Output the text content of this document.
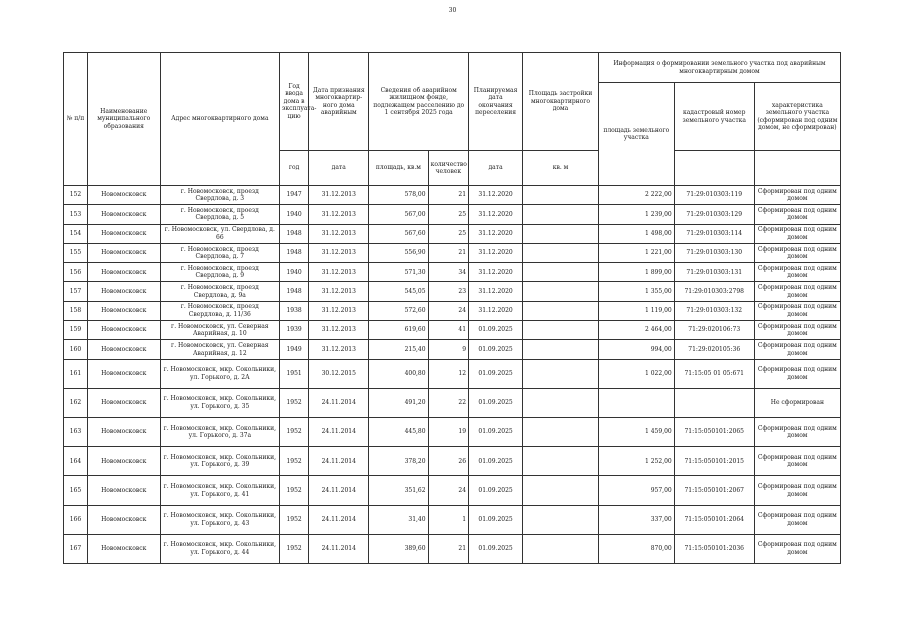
30
№ п/п	Наименование муниципального образования	Адрес многоквартирного дома	Год ввода дома в эксплуата-цию	Дата признания многоквартир-ного дома аварийным	Сведения об аварийном жилищном фонде, подлежащем расселению до 1 сентября 2025 года		Планируемая дата окончания переселения	Площадь застройки многоквартирного дома	Информация о формировании земельного участка под аварийным многоквартирным домом		
									площадь земельного участка	кадастровый номер земельного участка	характеристика земельного участка (сформирован под одним домом, не сформирован)
			год	дата	площадь, кв.м	количество человек	дата	кв. м			
152	Новомосковск	г. Новомосковск, проезд Свердлова, д. 3	1947	31.12.2013	578,00	21	31.12.2020		2 222,00	71:29:010303:119	Сформирован под одним домом
153	Новомосковск	г. Новомосковск, проезд Свердлова, д. 5	1940	31.12.2013	567,00	25	31.12.2020		1 239,00	71:29:010303:129	Сформирован под одним домом
154	Новомосковск	г. Новомосковск, ул. Свердлова, д. 66	1948	31.12.2013	567,60	25	31.12.2020		1 498,00	71:29:010303:114	Сформирован под одним домом
155	Новомосковск	г. Новомосковск, проезд Свердлова, д. 7	1948	31.12.2013	556,90	21	31.12.2020		1 221,00	71:29:010303:130	Сформирован под одним домом
156	Новомосковск	г. Новомосковск, проезд Свердлова, д. 9	1940	31.12.2013	571,30	34	31.12.2020		1 899,00	71:29:010303:131	Сформирован под одним домом
157	Новомосковск	г. Новомосковск, проезд Свердлова, д. 9а	1948	31.12.2013	545,05	23	31.12.2020		1 355,00	71:29:010303:2798	Сформирован под одним домом
158	Новомосковск	г. Новомосковск, проезд Свердлова, д. 11/36	1938	31.12.2013	572,60	24	31.12.2020		1 119,00	71:29:010303:132	Сформирован под одним домом
159	Новомосковск	г. Новомосковск, ул. Северная Аварийная, д. 10	1939	31.12.2013	619,60	41	01.09.2025		2 464,00	71:29:020106:73	Сформирован под одним домом
160	Новомосковск	г. Новомосковск, ул. Северная Аварийная, д. 12	1949	31.12.2013	215,40	9	01.09.2025		994,00	71:29:020105:36	Сформирован под одним домом
161	Новомосковск	г. Новомосковск, мкр. Сокольники, ул. Горького, д. 2А	1951	30.12.2015	400,80	12	01.09.2025		1 022,00	71:15:05 01 05:671	Сформирован под одним домом
162	Новомосковск	г. Новомосковск, мкр. Сокольники, ул. Горького, д. 35	1952	24.11.2014	491,20	22	01.09.2025				Не сформирован
163	Новомосковск	г. Новомосковск, мкр. Сокольники, ул. Горького, д. 37а	1952	24.11.2014	445,80	19	01.09.2025		1 459,00	71:15:050101:2065	Сформирован под одним домом
164	Новомосковск	г. Новомосковск, мкр. Сокольники, ул. Горького, д. 39	1952	24.11.2014	378,20	26	01.09.2025		1 252,00	71:15:050101:2015	Сформирован под одним домом
165	Новомосковск	г. Новомосковск, мкр. Сокольники, ул. Горького, д. 41	1952	24.11.2014	351,62	24	01.09.2025		957,00	71:15:050101:2067	Сформирован под одним домом
166	Новомосковск	г. Новомосковск, мкр. Сокольники, ул. Горького, д. 43	1952	24.11.2014	31,40	1	01.09.2025		337,00	71:15:050101:2064	Сформирован под одним домом
167	Новомосковск	г. Новомосковск, мкр. Сокольники, ул. Горького, д. 44	1952	24.11.2014	389,60	21	01.09.2025		870,00	71:15:050101:2036	Сформирован под одним домом
